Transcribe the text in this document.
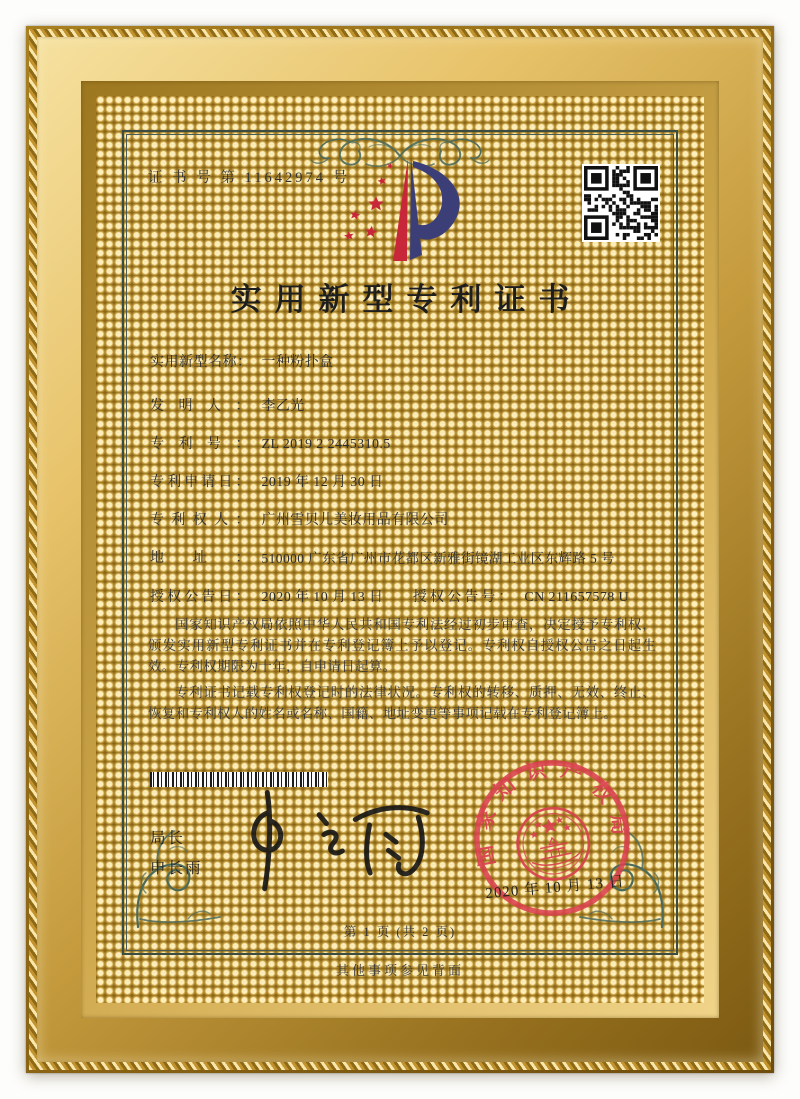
证 书 号 第 11642974 号
实用新型专利证书
实用新型名称： 一种粉扑盒
发明人： 李乙光
专利号： ZL 2019 2 2445310.5
专利申请日： 2019 年 12 月 30 日
专利权人： 广州雪贝儿美妆用品有限公司
地址： 510000 广东省广州市花都区新雅街镜湖工业区东辉路 5 号
授权公告日： 2020 年 10 月 13 日 授权公告号： CN 211657578 U

国家知识产权局依照中华人民共和国专利法经过初步审查，决定授予专利权，颁发实用新型专利证书并在专利登记簿上予以登记。专利权自授权公告之日起生效。专利权期限为十年，自申请日起算。

专利证书记载专利权登记时的法律状况。专利权的转移、质押、无效、终止、恢复和专利权人的姓名或名称、国籍、地址变更等事项记载在专利登记簿上。

局长
申长雨
国家知识产权局
2020 年 10 月 13 日
第 1 页 (共 2 页)
其他事项参见背面
